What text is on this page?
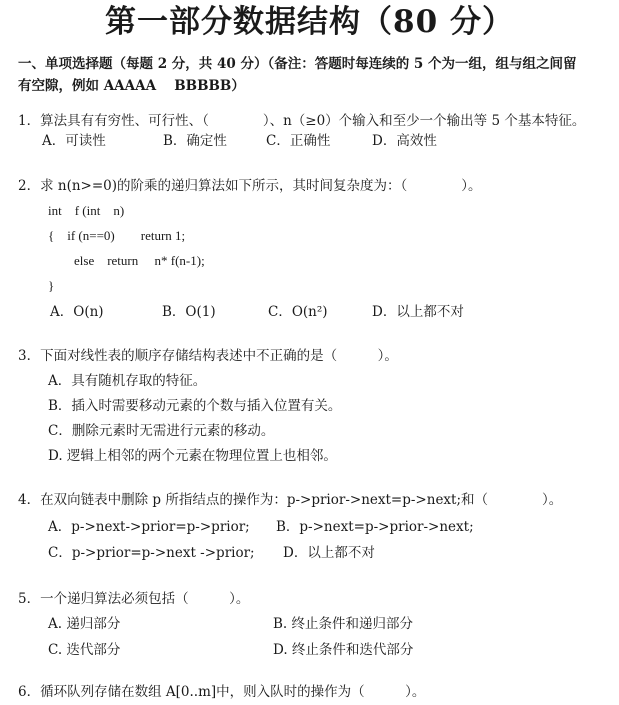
第一部分数据结构（80 分）
一、单项选择题（每题 2 分，共 40 分）（备注：答题时每连续的 5 个为一组，组与组之间留
有空隙，例如 AAAAA　 BBBBB）
1．算法具有有穷性、可行性、（　　　　）、n（≥0）个输入和至少一个输出等 5 个基本特征。
A．可读性	B．确定性	C．正确性	D．高效性
2．求 n(n>=0)的阶乘的递归算法如下所示，其时间复杂度为：（　　　　）。
int　f (int　n)
{　if (n==0)　　return 1;
　　else　return　 n* f(n-1);
}
A．O(n)	B．O(1)	C．O(n²)	D．以上都不对
3．下面对线性表的顺序存储结构表述中不正确的是（　　　）。
A．具有随机存取的特征。
B．插入时需要移动元素的个数与插入位置有关。
C．删除元素时无需进行元素的移动。
D. 逻辑上相邻的两个元素在物理位置上也相邻。
4．在双向链表中删除 p 所指结点的操作为：p->prior->next=p->next;和（　　　　）。
A．p->next->prior=p->prior; B．p->next=p->prior->next;
C．p->prior=p->next ->prior; D．以上都不对
5．一个递归算法必须包括（　　　）。
A. 递归部分	B. 终止条件和递归部分
C. 迭代部分	D. 终止条件和迭代部分
6．循环队列存储在数组 A[0..m]中，则入队时的操作为（　　　）。
